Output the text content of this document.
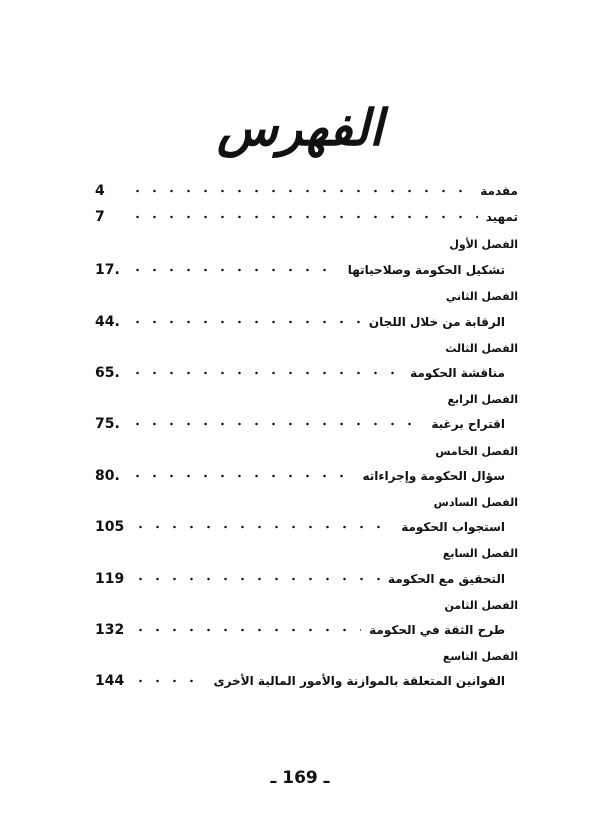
الفهرس
مقدمة
4
تمهيد
7
الفصل الأول
تشكيل الحكومة وصلاحياتها
17.
الفصل الثاني
الرقابة من خلال اللجان
44.
الفصل الثالث
مناقشة الحكومة
65.
الفصل الرابع
اقتراح برغبة
75.
الفصل الخامس
سؤال الحكومة وإجراءاته
80.
الفصل السادس
استجواب الحكومة
105
الفصل السابع
التحقيق مع الحكومة
119
الفصل الثامن
طرح الثقة في الحكومة
132
الفصل التاسع
القوانين المتعلقة بالموازنة والأمور المالية الأخرى
144
ـ 169 ـ
